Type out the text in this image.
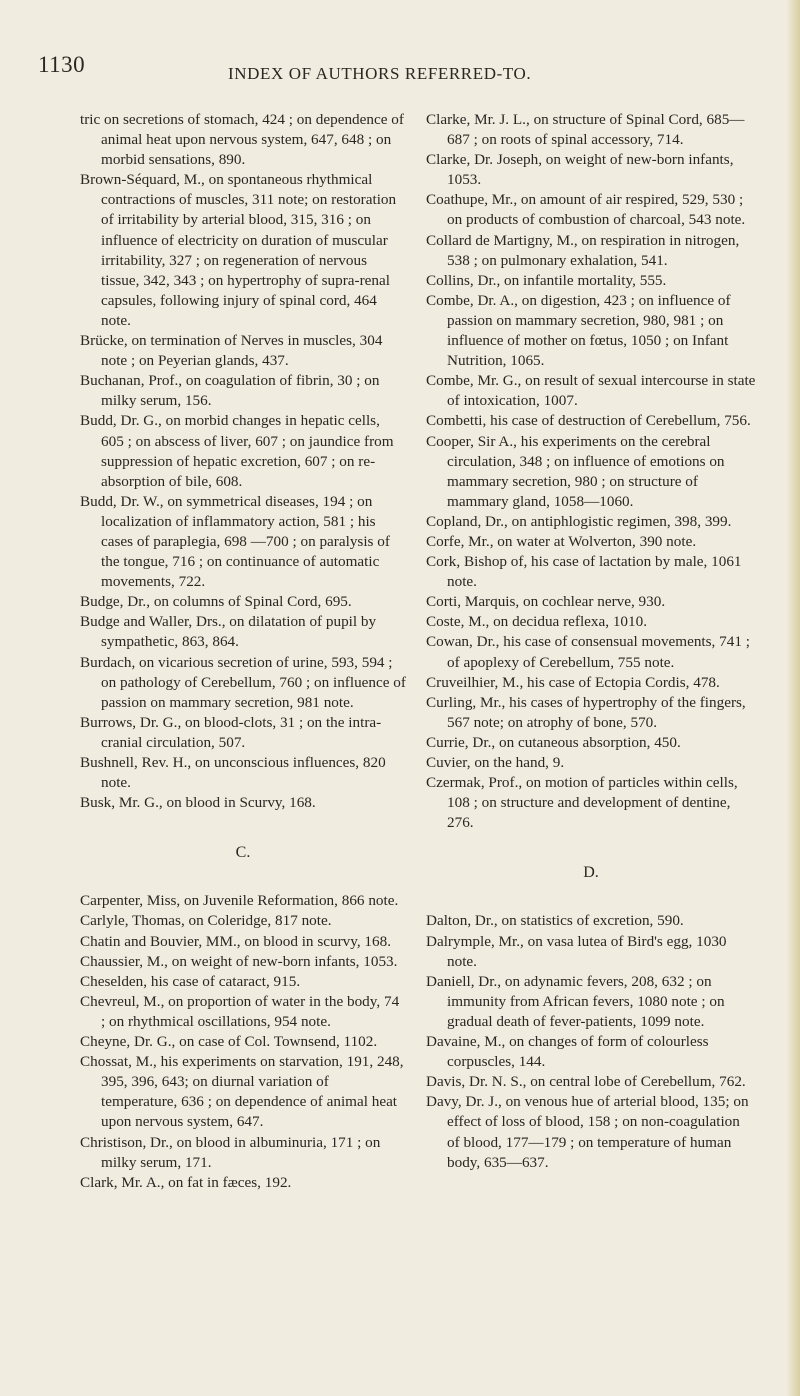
1130	INDEX OF AUTHORS REFERRED-TO.

tric on secretions of stomach, 424 ; on dependence of animal heat upon nervous system, 647, 648 ; on morbid sensations, 890.

Brown-Séquard, M., on spontaneous rhythmical contractions of muscles, 311 note; on restoration of irritability by arterial blood, 315, 316 ; on influence of electricity on duration of muscular irritability, 327 ; on regeneration of nervous tissue, 342, 343 ; on hypertrophy of supra-renal capsules, following injury of spinal cord, 464 note.

Brücke, on termination of Nerves in muscles, 304 note ; on Peyerian glands, 437.

Buchanan, Prof., on coagulation of fibrin, 30 ; on milky serum, 156.

Budd, Dr. G., on morbid changes in hepatic cells, 605 ; on abscess of liver, 607 ; on jaundice from suppression of hepatic excretion, 607 ; on re-absorption of bile, 608.

Budd, Dr. W., on symmetrical diseases, 194 ; on localization of inflammatory action, 581 ; his cases of paraplegia, 698 —700 ; on paralysis of the tongue, 716 ; on continuance of automatic movements, 722.

Budge, Dr., on columns of Spinal Cord, 695.

Budge and Waller, Drs., on dilatation of pupil by sympathetic, 863, 864.

Burdach, on vicarious secretion of urine, 593, 594 ; on pathology of Cerebellum, 760 ; on influence of passion on mammary secretion, 981 note.

Burrows, Dr. G., on blood-clots, 31 ; on the intra-cranial circulation, 507.

Bushnell, Rev. H., on unconscious influences, 820 note.

Busk, Mr. G., on blood in Scurvy, 168.

C.

Carpenter, Miss, on Juvenile Reformation, 866 note.

Carlyle, Thomas, on Coleridge, 817 note.

Chatin and Bouvier, MM., on blood in scurvy, 168.

Chaussier, M., on weight of new-born infants, 1053.

Cheselden, his case of cataract, 915.

Chevreul, M., on proportion of water in the body, 74 ; on rhythmical oscillations, 954 note.

Cheyne, Dr. G., on case of Col. Townsend, 1102.

Chossat, M., his experiments on starvation, 191, 248, 395, 396, 643; on diurnal variation of temperature, 636 ; on dependence of animal heat upon nervous system, 647.

Christison, Dr., on blood in albuminuria, 171 ; on milky serum, 171.

Clark, Mr. A., on fat in fæces, 192.

Clarke, Mr. J. L., on structure of Spinal Cord, 685—687 ; on roots of spinal accessory, 714.

Clarke, Dr. Joseph, on weight of new-born infants, 1053.

Coathupe, Mr., on amount of air respired, 529, 530 ; on products of combustion of charcoal, 543 note.

Collard de Martigny, M., on respiration in nitrogen, 538 ; on pulmonary exhalation, 541.

Collins, Dr., on infantile mortality, 555.

Combe, Dr. A., on digestion, 423 ; on influence of passion on mammary secretion, 980, 981 ; on influence of mother on fœtus, 1050 ; on Infant Nutrition, 1065.

Combe, Mr. G., on result of sexual intercourse in state of intoxication, 1007.

Combetti, his case of destruction of Cerebellum, 756.

Cooper, Sir A., his experiments on the cerebral circulation, 348 ; on influence of emotions on mammary secretion, 980 ; on structure of mammary gland, 1058—1060.

Copland, Dr., on antiphlogistic regimen, 398, 399.

Corfe, Mr., on water at Wolverton, 390 note.

Cork, Bishop of, his case of lactation by male, 1061 note.

Corti, Marquis, on cochlear nerve, 930.

Coste, M., on decidua reflexa, 1010.

Cowan, Dr., his case of consensual movements, 741 ; of apoplexy of Cerebellum, 755 note.

Cruveilhier, M., his case of Ectopia Cordis, 478.

Curling, Mr., his cases of hypertrophy of the fingers, 567 note; on atrophy of bone, 570.

Currie, Dr., on cutaneous absorption, 450.

Cuvier, on the hand, 9.

Czermak, Prof., on motion of particles within cells, 108 ; on structure and development of dentine, 276.

D.

Dalton, Dr., on statistics of excretion, 590.

Dalrymple, Mr., on vasa lutea of Bird's egg, 1030 note.

Daniell, Dr., on adynamic fevers, 208, 632 ; on immunity from African fevers, 1080 note ; on gradual death of fever-patients, 1099 note.

Davaine, M., on changes of form of colourless corpuscles, 144.

Davis, Dr. N. S., on central lobe of Cerebellum, 762.

Davy, Dr. J., on venous hue of arterial blood, 135; on effect of loss of blood, 158 ; on non-coagulation of blood, 177—179 ; on temperature of human body, 635—637.
